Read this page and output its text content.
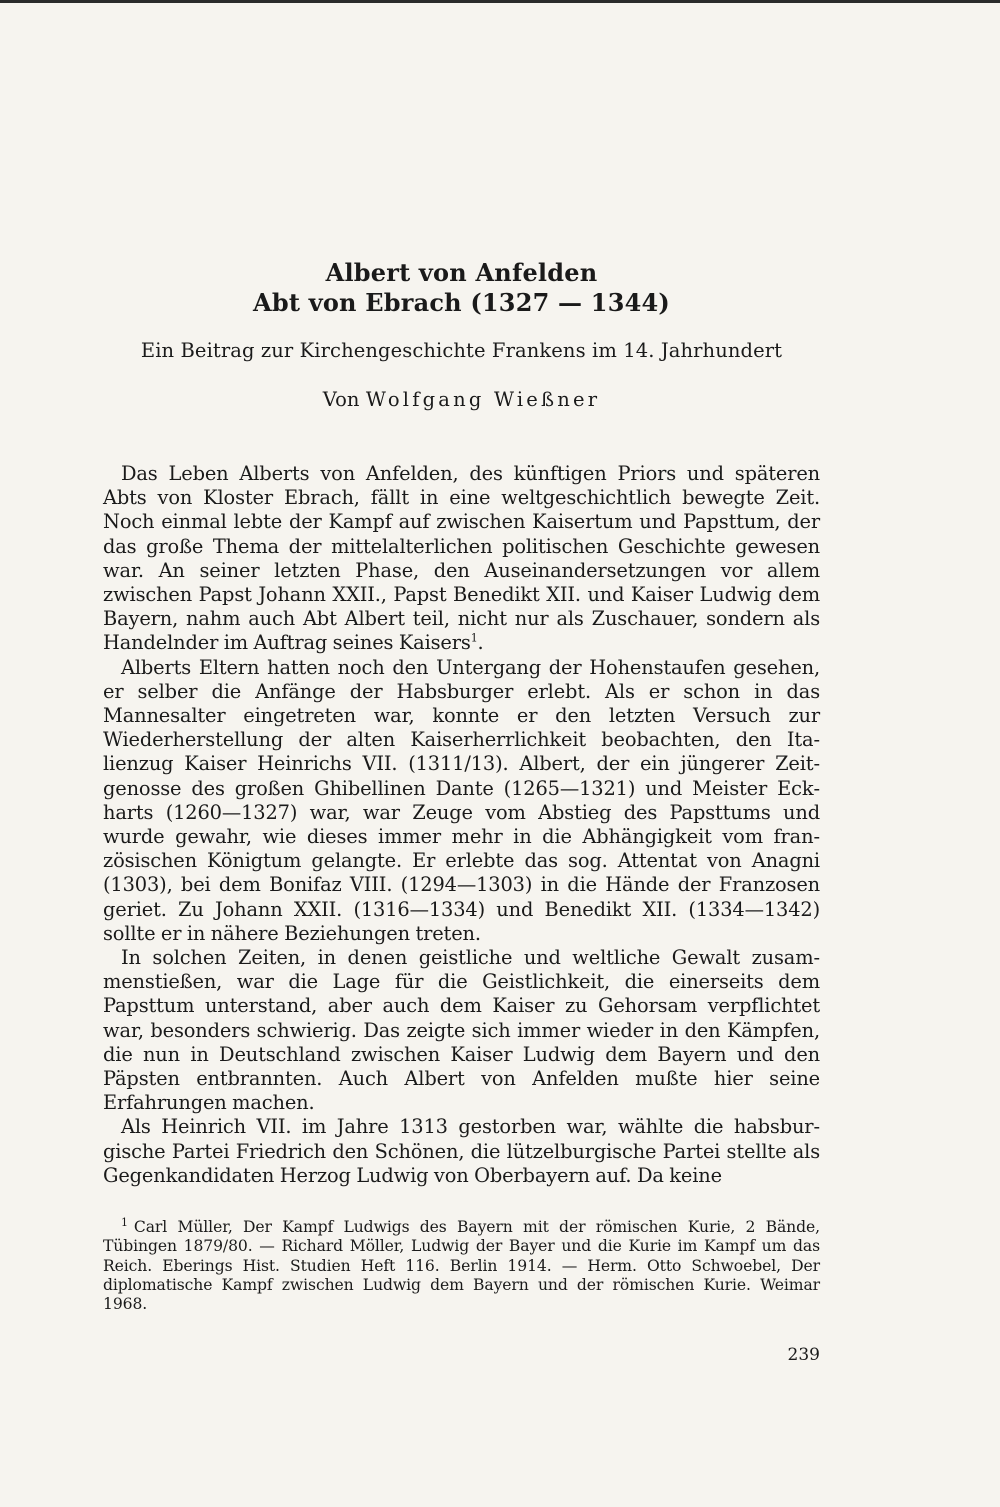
Albert von Anfelden

Abt von Ebrach (1327 — 1344)

Ein Beitrag zur Kirchengeschichte Frankens im 14. Jahrhundert

Von Wolfgang Wießner

Das Leben Alberts von Anfelden, des künftigen Priors und späteren Abts von Kloster Ebrach, fällt in eine weltgeschichtlich bewegte Zeit. Noch einmal lebte der Kampf auf zwischen Kaisertum und Papsttum, der das große Thema der mittelalterlichen politischen Geschichte gewesen war. An seiner letzten Phase, den Auseinandersetzungen vor allem zwischen Papst Johann XXII., Papst Benedikt XII. und Kaiser Ludwig dem Bayern, nahm auch Abt Albert teil, nicht nur als Zuschauer, sondern als Handelnder im Auftrag seines Kaisers$^1$.

Alberts Eltern hatten noch den Untergang der Hohenstaufen gesehen, er selber die Anfänge der Habsburger erlebt. Als er schon in das Mannesalter eingetreten war, konnte er den letzten Versuch zur Wiederherstellung der alten Kaiserherrlichkeit beobachten, den Italienzug Kaiser Heinrichs VII. (1311/13). Albert, der ein jüngerer Zeitgenosse des großen Ghibellinen Dante (1265—1321) und Meister Eckharts (1260—1327) war, war Zeuge vom Abstieg des Papsttums und wurde gewahr, wie dieses immer mehr in die Abhängigkeit vom französischen Königtum gelangte. Er erlebte das sog. Attentat von Anagni (1303), bei dem Bonifaz VIII. (1294—1303) in die Hände der Franzosen geriet. Zu Johann XXII. (1316—1334) und Benedikt XII. (1334—1342) sollte er in nähere Beziehungen treten.

In solchen Zeiten, in denen geistliche und weltliche Gewalt zusammenstießen, war die Lage für die Geistlichkeit, die einerseits dem Papsttum unterstand, aber auch dem Kaiser zu Gehorsam verpflichtet war, besonders schwierig. Das zeigte sich immer wieder in den Kämpfen, die nun in Deutschland zwischen Kaiser Ludwig dem Bayern und den Päpsten entbrannten. Auch Albert von Anfelden mußte hier seine Erfahrungen machen.

Als Heinrich VII. im Jahre 1313 gestorben war, wählte die habsburgische Partei Friedrich den Schönen, die lützelburgische Partei stellte als Gegenkandidaten Herzog Ludwig von Oberbayern auf. Da keine

$^1$ Carl Müller, Der Kampf Ludwigs des Bayern mit der römischen Kurie, 2 Bände, Tübingen 1879/80. — Richard Möller, Ludwig der Bayer und die Kurie im Kampf um das Reich. Eberings Hist. Studien Heft 116. Berlin 1914. — Herm. Otto Schwoebel, Der diplomatische Kampf zwischen Ludwig dem Bayern und der römischen Kurie. Weimar 1968.

239
